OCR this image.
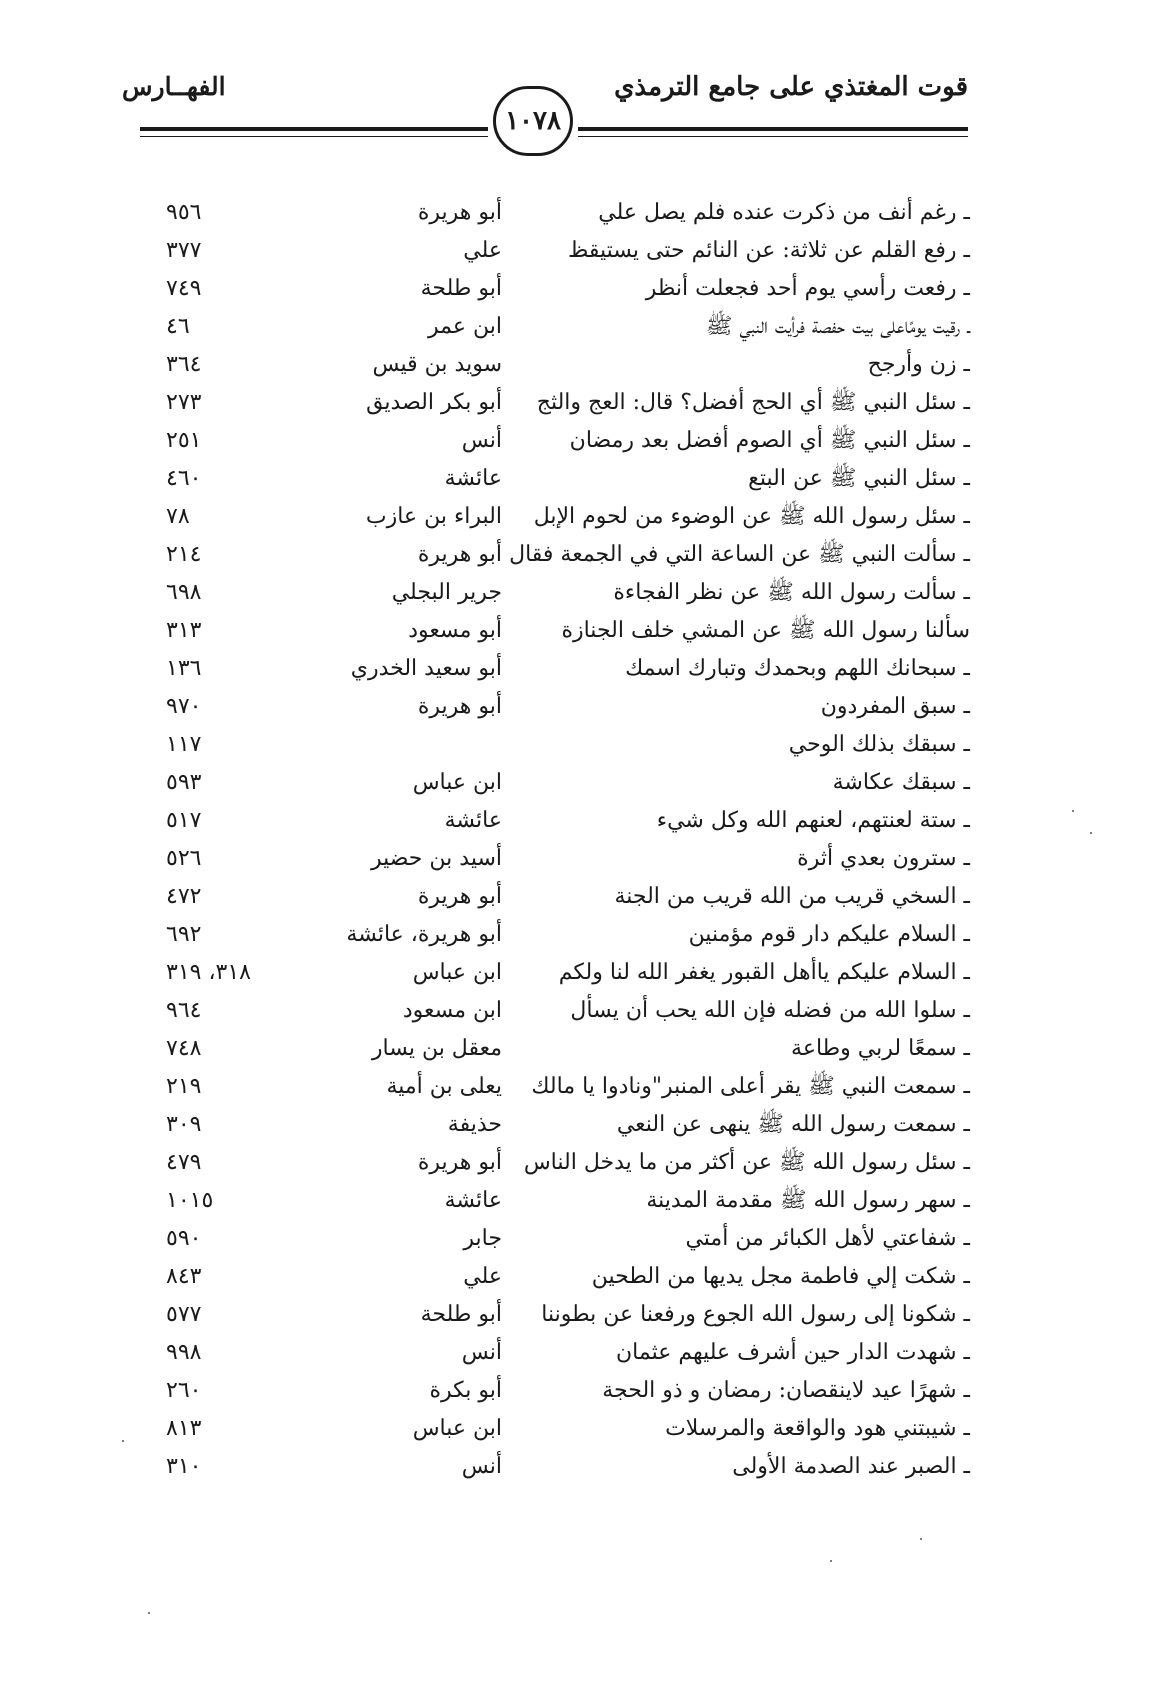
قوت المغتذي على جامع الترمذي
الفهــارس
١٠٧٨
ـ رغم أنف من ذكرت عنده فلم يصل علي
أبو هريرة
٩٥٦
ـ رفع القلم عن ثلاثة: عن النائم حتى يستيقظ
علي
٣٧٧
ـ رفعت رأسي يوم أحد فجعلت أنظر
أبو طلحة
٧٤٩
ـ رقيت يومًاعلى بيت حفصة فرأيت النبي ﷺ
ابن عمر
٤٦
ـ زن وأرجح
سويد بن قيس
٣٦٤
ـ سئل النبي ﷺ أي الحج أفضل؟ قال: العج والثج
أبو بكر الصديق
٢٧٣
ـ سئل النبي ﷺ أي الصوم أفضل بعد رمضان
أنس
٢٥١
ـ سئل النبي ﷺ عن البتع
عائشة
٤٦٠
ـ سئل رسول الله ﷺ عن الوضوء من لحوم الإبل
البراء بن عازب
٧٨
ـ سألت النبي ﷺ عن الساعة التي في الجمعة فقال
أبو هريرة
٢١٤
ـ سألت رسول الله ﷺ عن نظر الفجاءة
جرير البجلي
٦٩٨
سألنا رسول الله ﷺ عن المشي خلف الجنازة
أبو مسعود
٣١٣
ـ سبحانك اللهم وبحمدك وتبارك اسمك
أبو سعيد الخدري
١٣٦
ـ سبق المفردون
أبو هريرة
٩٧٠
ـ سبقك بذلك الوحي
١١٧
ـ سبقك عكاشة
ابن عباس
٥٩٣
ـ ستة لعنتهم، لعنهم الله وكل شيء
عائشة
٥١٧
ـ سترون بعدي أثرة
أسيد بن حضير
٥٢٦
ـ السخي قريب من الله قريب من الجنة
أبو هريرة
٤٧٢
ـ السلام عليكم دار قوم مؤمنين
أبو هريرة، عائشة
٦٩٢
ـ السلام عليكم ياأهل القبور يغفر الله لنا ولكم
ابن عباس
٣١٨، ٣١٩
ـ سلوا الله من فضله فإن الله يحب أن يسأل
ابن مسعود
٩٦٤
ـ سمعًا لربي وطاعة
معقل بن يسار
٧٤٨
ـ سمعت النبي ﷺ يقر أعلى المنبر"ونادوا يا مالك
يعلى بن أمية
٢١٩
ـ سمعت رسول الله ﷺ ينهى عن النعي
حذيفة
٣٠٩
ـ سئل رسول الله ﷺ عن أكثر من ما يدخل الناس
أبو هريرة
٤٧٩
ـ سهر رسول الله ﷺ مقدمة المدينة
عائشة
١٠١٥
ـ شفاعتي لأهل الكبائر من أمتي
جابر
٥٩٠
ـ شكت إلي فاطمة مجل يديها من الطحين
علي
٨٤٣
ـ شكونا إلى رسول الله الجوع ورفعنا عن بطوننا
أبو طلحة
٥٧٧
ـ شهدت الدار حين أشرف عليهم عثمان
أنس
٩٩٨
ـ شهرًا عيد لاينقصان: رمضان و ذو الحجة
أبو بكرة
٢٦٠
ـ شيبتني هود والواقعة والمرسلات
ابن عباس
٨١٣
ـ الصبر عند الصدمة الأولى
أنس
٣١٠
